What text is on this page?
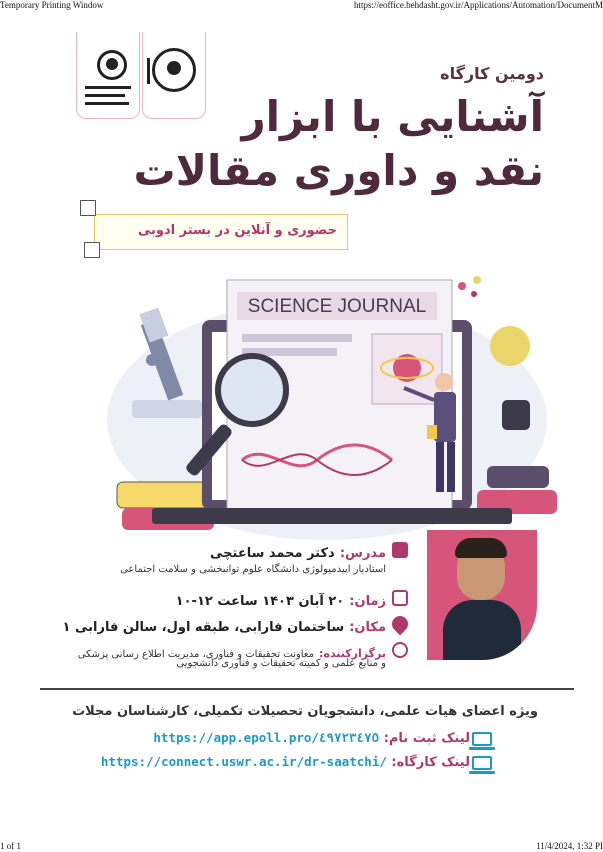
Temporary Printing Window	https://eoffice.behdasht.gov.ir/Applications/Automation/DocumentM
دومین کارگاه
آشنایی با ابزار
نقد و داوری مقالات
حضوری و آنلاین در بستر ادوبی
SCIENCE JOURNAL
مدرس: دکتر محمد ساعتچی
استادیار اپیدمیولوژی دانشگاه علوم توانبخشی و سلامت اجتماعی
زمان: ۲۰ آبان ۱۴۰۳ ساعت ۱۲-۱۰
مکان: ساختمان فارابی، طبقه اول، سالن فارابی ۱
برگزارکننده: معاونت تحقیقات و فناوری، مدیریت اطلاع رسانی پزشکی
و منابع علمی و کمیته تحقیقات و فناوری دانشجویی
ویژه اعضای هیات علمی، دانشجویان تحصیلات تکمیلی، کارشناسان مجلات
لینک ثبت نام: https://app.epoll.pro/٤٩٧٢٣٤٧٥
لینک کارگاه: https://connect.uswr.ac.ir/dr-saatchi/
1 of 1	11/4/2024, 1:32 PI
